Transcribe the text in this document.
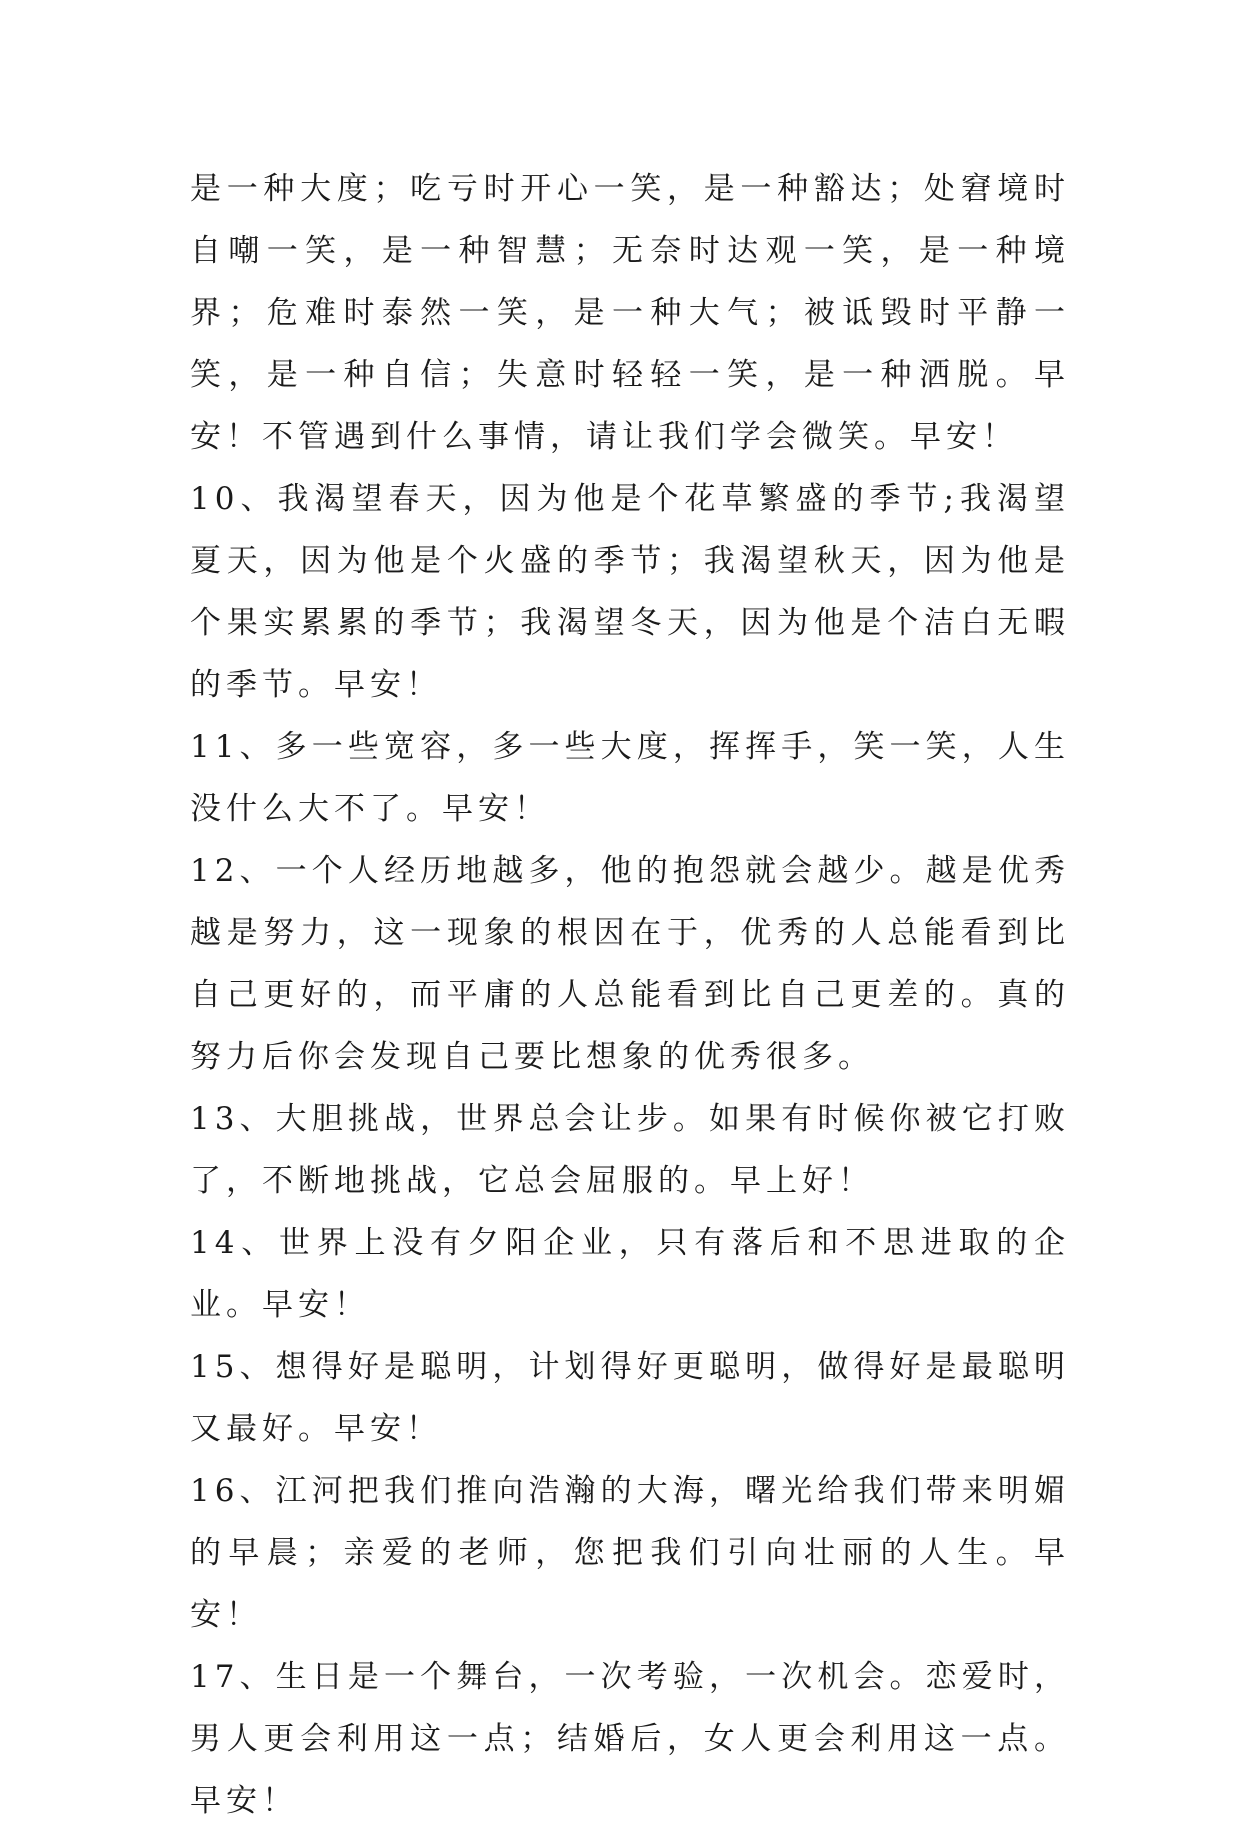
是一种大度；吃亏时开心一笑，是一种豁达；处窘境时自嘲一笑，是一种智慧；无奈时达观一笑，是一种境界；危难时泰然一笑，是一种大气；被诋毁时平静一笑，是一种自信；失意时轻轻一笑，是一种洒脱。早安！不管遇到什么事情，请让我们学会微笑。早安！

10、我渴望春天，因为他是个花草繁盛的季节;我渴望夏天，因为他是个火盛的季节；我渴望秋天，因为他是个果实累累的季节；我渴望冬天，因为他是个洁白无暇的季节。早安！

11、多一些宽容，多一些大度，挥挥手，笑一笑，人生没什么大不了。早安！

12、一个人经历地越多，他的抱怨就会越少。越是优秀越是努力，这一现象的根因在于，优秀的人总能看到比自己更好的，而平庸的人总能看到比自己更差的。真的努力后你会发现自己要比想象的优秀很多。

13、大胆挑战，世界总会让步。如果有时候你被它打败了，不断地挑战，它总会屈服的。早上好！

14、世界上没有夕阳企业，只有落后和不思进取的企业。早安！

15、想得好是聪明，计划得好更聪明，做得好是最聪明又最好。早安！

16、江河把我们推向浩瀚的大海，曙光给我们带来明媚的早晨；亲爱的老师，您把我们引向壮丽的人生。早安！

17、生日是一个舞台，一次考验，一次机会。恋爱时，男人更会利用这一点；结婚后，女人更会利用这一点。早安！
